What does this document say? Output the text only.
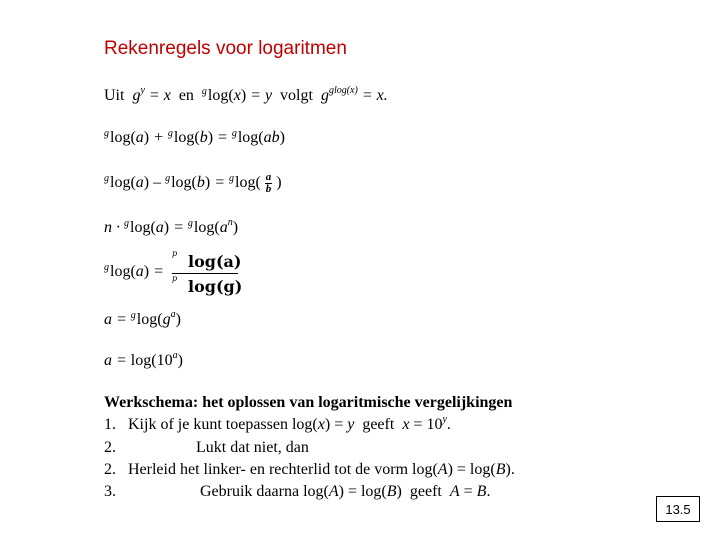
Rekenregels voor logaritmen
Uit  $g^y = x$  en $^g$log(x) = y  volgt  $g^{glog(x)} = x$.
$^g$log(a) + $^g$log(b) = $^g$log(ab)
$^g\log(a) - ^g\log(b) = ^g\log( \frac{a}{b}$ )
$n \cdot ^g\log(a) = ^g\log(a^n)$
$^g$log(a) =
p log(a)
p log(g)
$a = ^g\log(g^a)$
$a = \log(10^a)$
Werkschema: het oplossen van logaritmische vergelijkingen
1. Kijk of je kunt toepassen log(x) = y  geeft  $x = 10^y$.
2.	Lukt dat niet, dan
2. Herleid het linker- en rechterlid tot de vorm log(A) = log(B).
3.	Gebruik daarna log(A) = log(B)  geeft  A = B.
13.5
